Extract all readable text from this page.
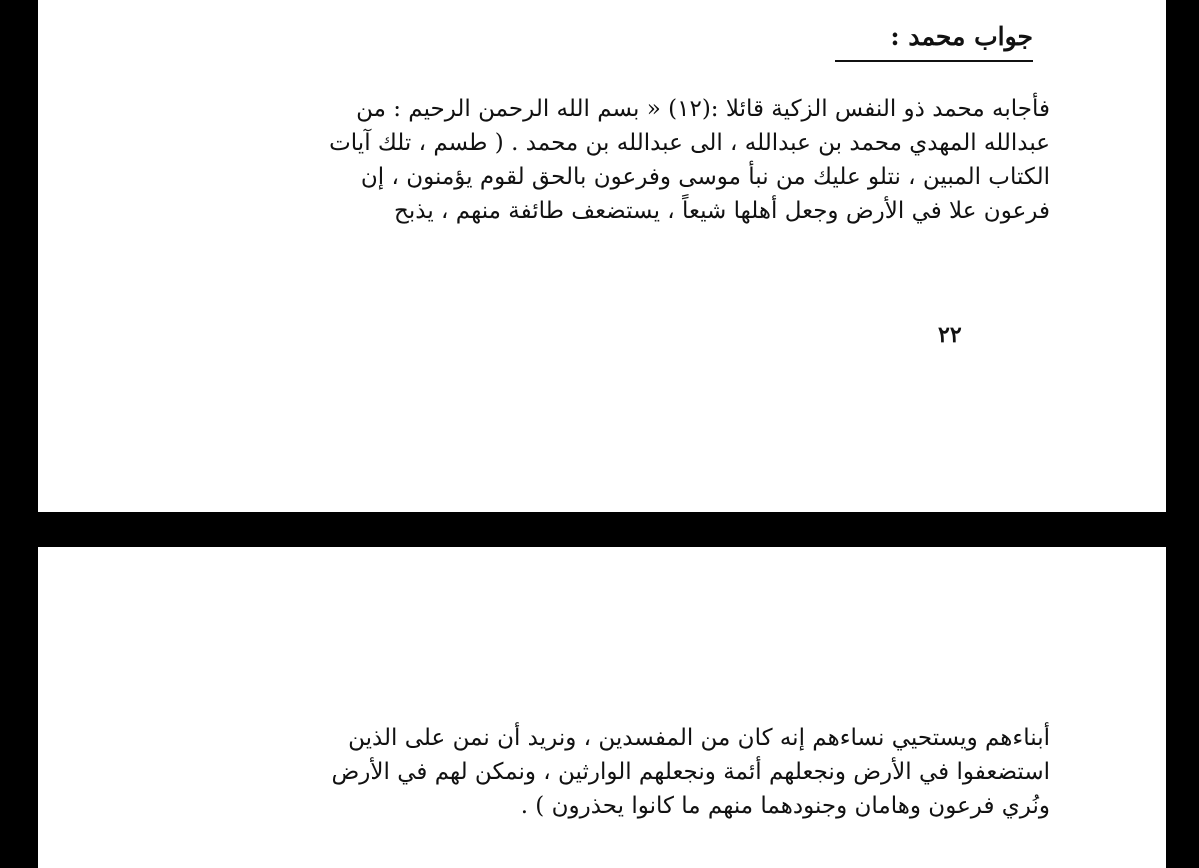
جواب محمد :
فأجابه محمد ذو النفس الزكية قائلا :(١٢) « بسم الله الرحمن الرحيم : من
عبدالله المهدي محمد بن عبدالله ، الى عبدالله بن محمد . ( طسم ، تلك آيات
الكتاب المبين ، نتلو عليك من نبأ موسى وفرعون بالحق لقوم يؤمنون ، إن
فرعون علا في الأرض وجعل أهلها شيعاً ، يستضعف طائفة منهم ، يذبح
٢٢
أبناءهم ويستحيي نساءهم إنه كان من المفسدين ، ونريد أن نمن على الذين
استضعفوا في الأرض ونجعلهم أئمة ونجعلهم الوارثين ، ونمكن لهم في الأرض
ونُري فرعون وهامان وجنودهما منهم ما كانوا يحذرون ) .
